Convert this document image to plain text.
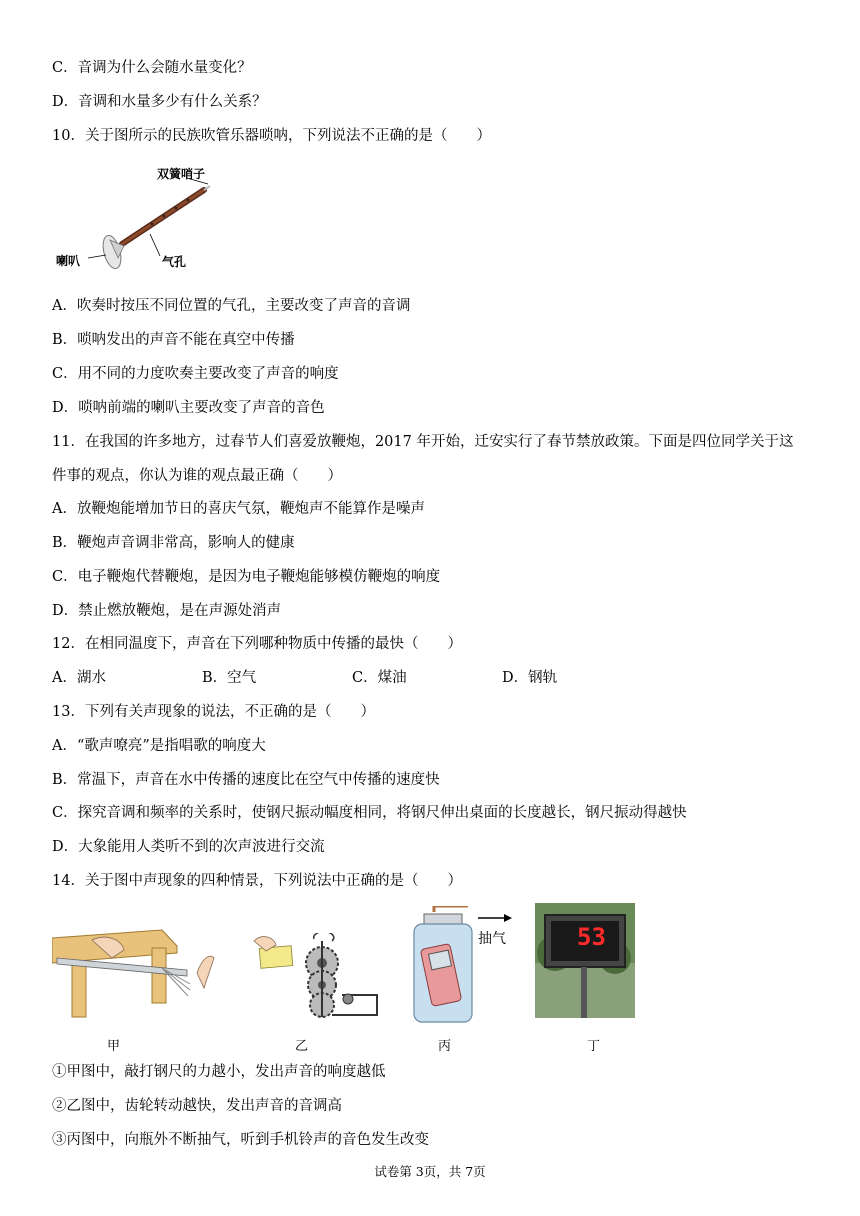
C．音调为什么会随水量变化？
D．音调和水量多少有什么关系？
10．关于图所示的民族吹管乐器唢呐，下列说法不正确的是（　　）
双簧哨子
喇叭	气孔
A．吹奏时按压不同位置的气孔，主要改变了声音的音调
B．唢呐发出的声音不能在真空中传播
C．用不同的力度吹奏主要改变了声音的响度
D．唢呐前端的喇叭主要改变了声音的音色
11．在我国的许多地方，过春节人们喜爱放鞭炮，2017 年开始，迁安实行了春节禁放政策。下面是四位同学关于这
件事的观点，你认为谁的观点最正确（　　）
A．放鞭炮能增加节日的喜庆气氛，鞭炮声不能算作是噪声
B．鞭炮声音调非常高，影响人的健康
C．电子鞭炮代替鞭炮，是因为电子鞭炮能够模仿鞭炮的响度
D．禁止燃放鞭炮，是在声源处消声
12．在相同温度下，声音在下列哪种物质中传播的最快（　　）
A．湖水	B．空气	C．煤油	D．钢轨
13．下列有关声现象的说法，不正确的是（　　）
A．“歌声嘹亮”是指唱歌的响度大
B．常温下，声音在水中传播的速度比在空气中传播的速度快
C．探究音调和频率的关系时，使钢尺振动幅度相同，将钢尺伸出桌面的长度越长，钢尺振动得越快
D．大象能用人类听不到的次声波进行交流
14．关于图中声现象的四种情景，下列说法中正确的是（　　）
抽气	53
甲	乙	丙	丁
①甲图中，敲打钢尺的力越小，发出声音的响度越低
②乙图中，齿轮转动越快，发出声音的音调高
③丙图中，向瓶外不断抽气，听到手机铃声的音色发生改变
试卷第 3页，共 7页
